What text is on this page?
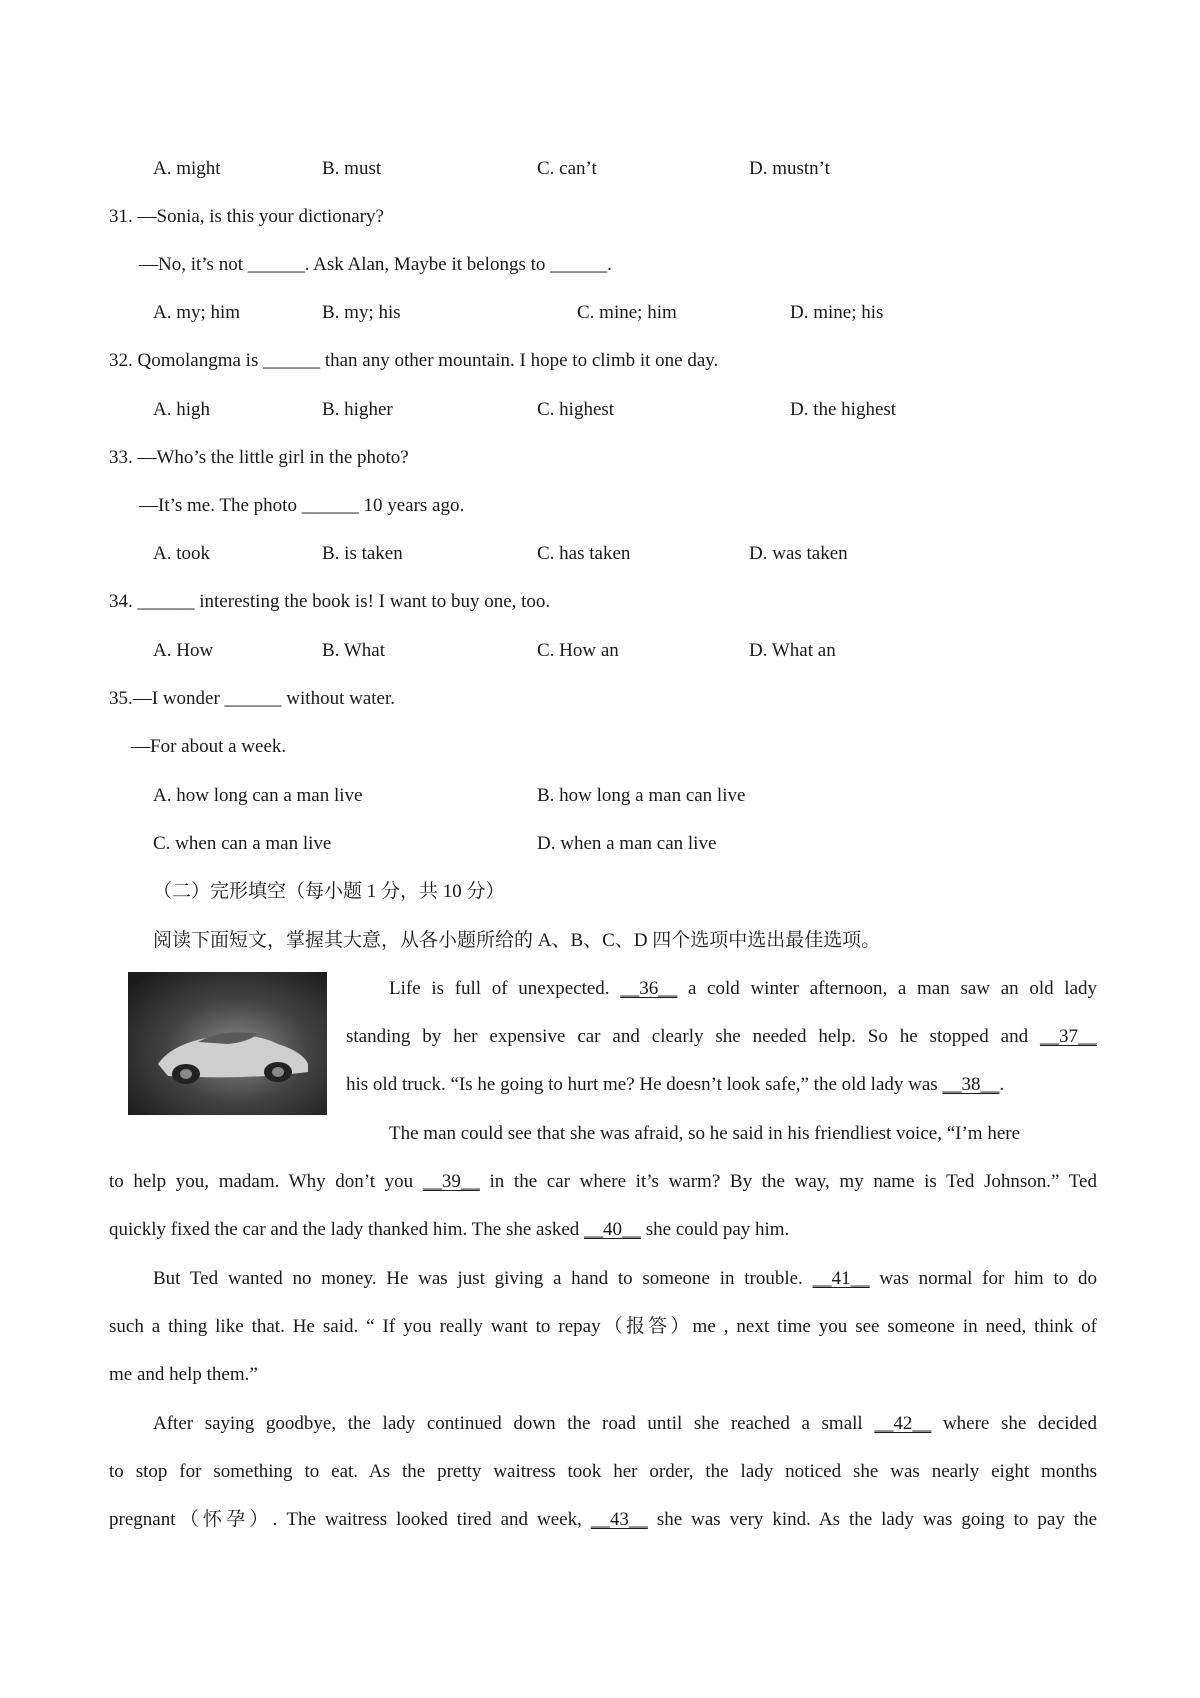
A. might	B. must	C. can’t	D. mustn’t
31. —Sonia, is this your dictionary?
—No, it’s not ______. Ask Alan, Maybe it belongs to ______.
A. my; him	B. my; his	C. mine; him	D. mine; his
32. Qomolangma is ______ than any other mountain. I hope to climb it one day.
A. high	B. higher	C. highest	D. the highest
33. —Who’s the little girl in the photo?
—It’s me. The photo ______ 10 years ago.
A. took	B. is taken	C. has taken	D. was taken
34. ______ interesting the book is! I want to buy one, too.
A. How	B. What	C. How an	D. What an
35.—I wonder ______ without water.
—For about a week.
A. how long can a man live	B. how long a man can live
C. when can a man live	D. when a man can live
（二）完形填空（每小题 1 分，共 10 分）
阅读下面短文，掌握其大意，从各小题所给的 A、B、C、D 四个选项中选出最佳选项。
Life is full of unexpected. __36__ a cold winter afternoon, a man saw an old lady
standing by her expensive car and clearly she needed help. So he stopped and __37__
his old truck. “Is he going to hurt me? He doesn’t look safe,” the old lady was __38__.
The man could see that she was afraid, so he said in his friendliest voice, “I’m here
to help you, madam. Why don’t you __39__ in the car where it’s warm? By the way, my name is Ted Johnson.” Ted
quickly fixed the car and the lady thanked him. The she asked __40__ she could pay him.
But Ted wanted no money. He was just giving a hand to someone in trouble. __41__ was normal for him to do
such a thing like that. He said. “ If you really want to repay（报答）me , next time you see someone in need, think of
me and help them.”
After saying goodbye, the lady continued down the road until she reached a small __42__ where she decided
to stop for something to eat. As the pretty waitress took her order, the lady noticed she was nearly eight months
pregnant（怀孕）. The waitress looked tired and week, __43__ she was very kind. As the lady was going to pay the
